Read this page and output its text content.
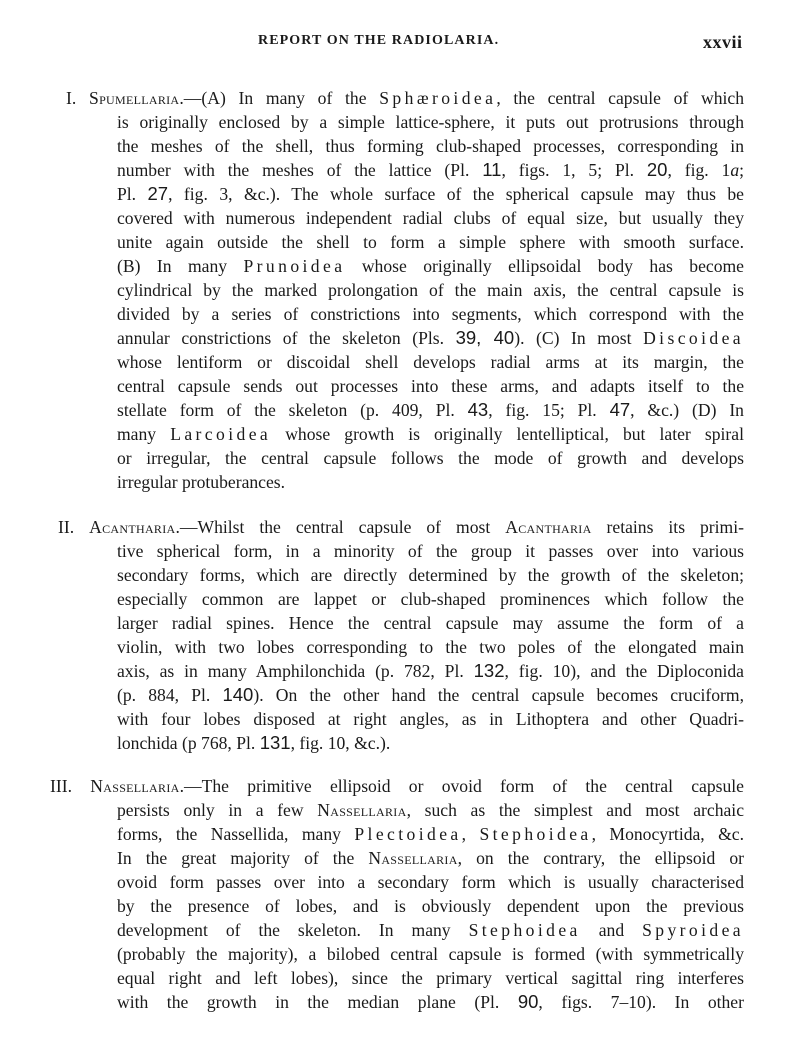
REPORT ON THE RADIOLARIA.	xxvii
I. Spumellaria.—(A) In many of the Sphæroidea, the central capsule of which
is originally enclosed by a simple lattice-sphere, it puts out protrusions through
the meshes of the shell, thus forming club-shaped processes, corresponding in
number with the meshes of the lattice (Pl. 11, figs. 1, 5; Pl. 20, fig. 1a;
Pl. 27, fig. 3, &c.). The whole surface of the spherical capsule may thus be
covered with numerous independent radial clubs of equal size, but usually they
unite again outside the shell to form a simple sphere with smooth surface.
(B) In many Prunoidea whose originally ellipsoidal body has become
cylindrical by the marked prolongation of the main axis, the central capsule is
divided by a series of constrictions into segments, which correspond with the
annular constrictions of the skeleton (Pls. 39, 40). (C) In most Discoidea
whose lentiform or discoidal shell develops radial arms at its margin, the
central capsule sends out processes into these arms, and adapts itself to the
stellate form of the skeleton (p. 409, Pl. 43, fig. 15; Pl. 47, &c.) (D) In
many Larcoidea whose growth is originally lentelliptical, but later spiral
or irregular, the central capsule follows the mode of growth and develops
irregular protuberances.
II. Acantharia.—Whilst the central capsule of most Acantharia retains its primi-
tive spherical form, in a minority of the group it passes over into various
secondary forms, which are directly determined by the growth of the skeleton;
especially common are lappet or club-shaped prominences which follow the
larger radial spines. Hence the central capsule may assume the form of a
violin, with two lobes corresponding to the two poles of the elongated main
axis, as in many Amphilonchida (p. 782, Pl. 132, fig. 10), and the Diploconida
(p. 884, Pl. 140). On the other hand the central capsule becomes cruciform,
with four lobes disposed at right angles, as in Lithoptera and other Quadri-
lonchida (p 768, Pl. 131, fig. 10, &c.).
III. Nassellaria.—The primitive ellipsoid or ovoid form of the central capsule
persists only in a few Nassellaria, such as the simplest and most archaic
forms, the Nassellida, many Plectoidea, Stephoidea, Monocyrtida, &c.
In the great majority of the Nassellaria, on the contrary, the ellipsoid or
ovoid form passes over into a secondary form which is usually characterised
by the presence of lobes, and is obviously dependent upon the previous
development of the skeleton. In many Stephoidea and Spyroidea
(probably the majority), a bilobed central capsule is formed (with symmetrically
equal right and left lobes), since the primary vertical sagittal ring interferes
with the growth in the median plane (Pl. 90, figs. 7–10). In other
